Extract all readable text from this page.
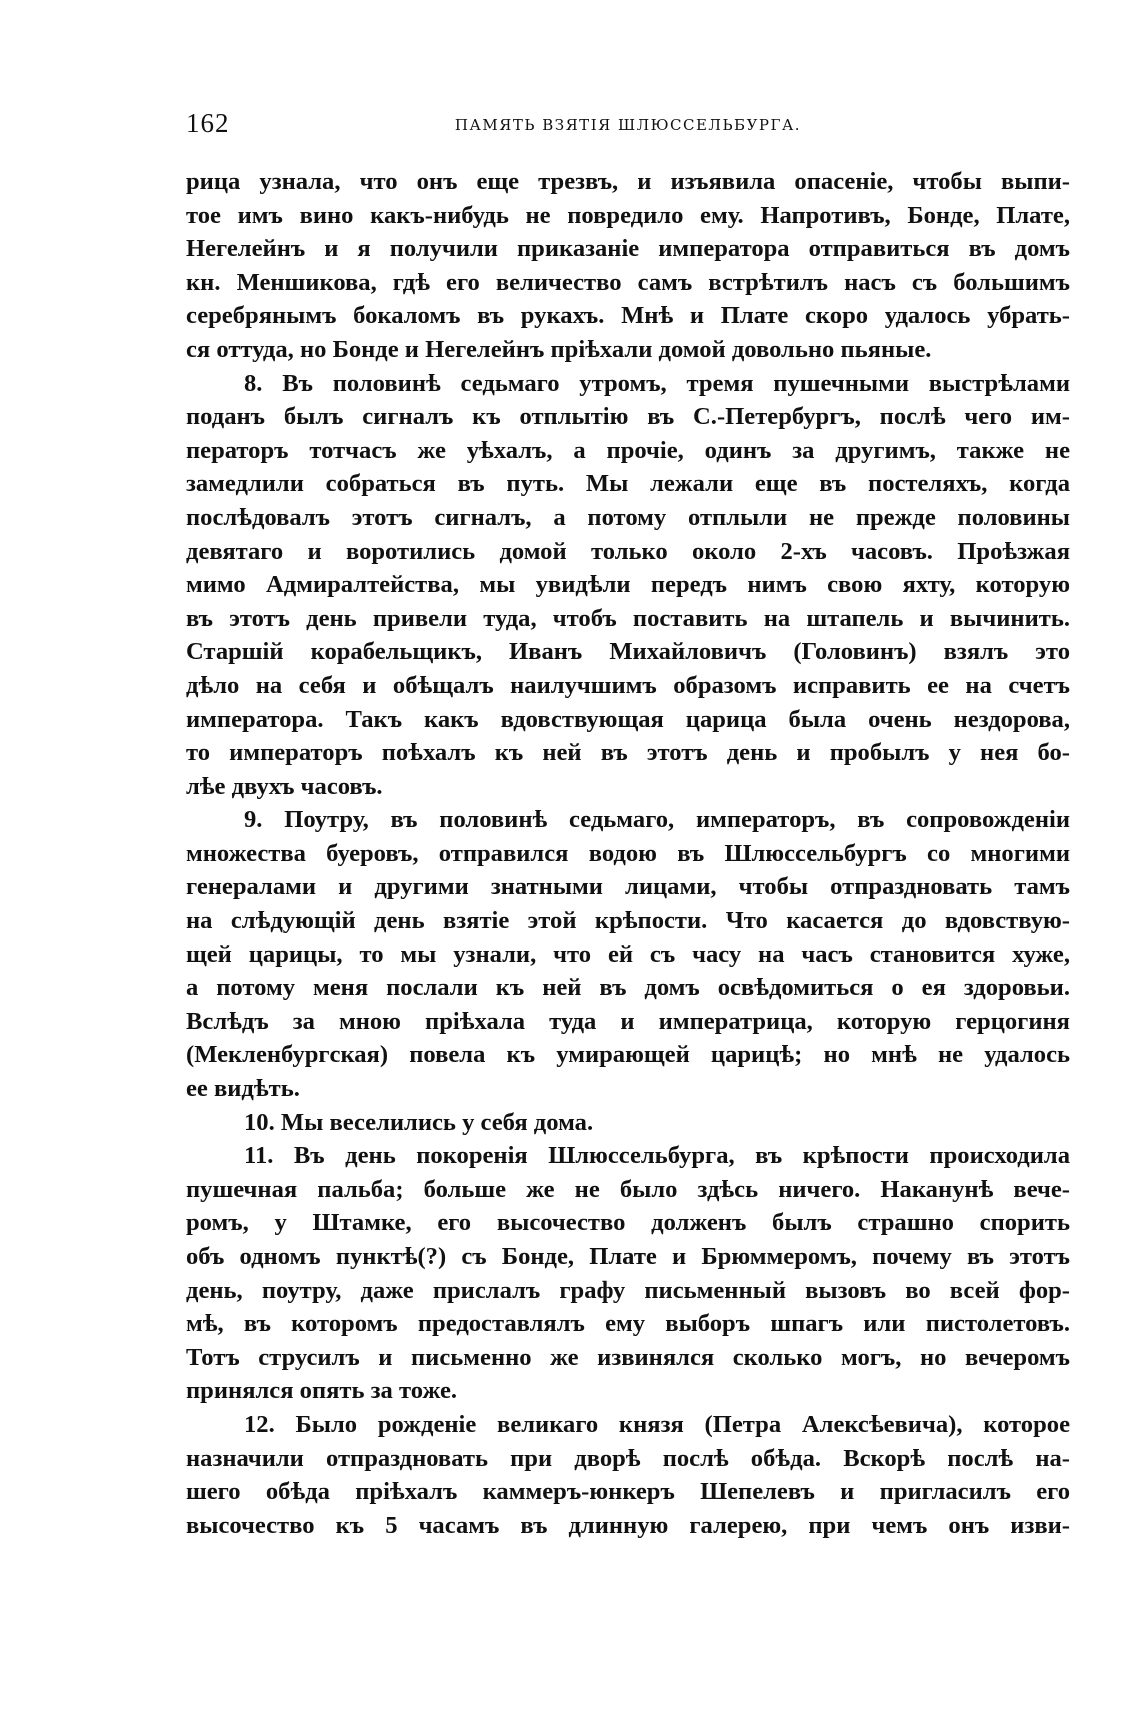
162	ПАМЯТЬ ВЗЯТІЯ ШЛЮССЕЛЬБУРГА.
рица узнала, что онъ еще трезвъ, и изъявила опасеніе, чтобы выпи-
тое имъ вино какъ-нибудь не повредило ему. Напротивъ, Бонде, Плате,
Негелейнъ и я получили приказаніе императора отправиться въ домъ
кн. Меншикова, гдѣ его величество самъ встрѣтилъ насъ съ большимъ
серебрянымъ бокаломъ въ рукахъ. Мнѣ и Плате скоро удалось убрать-
ся оттуда, но Бонде и Негелейнъ пріѣхали домой довольно пьяные.
8. Въ половинѣ седьмаго утромъ, тремя пушечными выстрѣлами
поданъ былъ сигналъ къ отплытію въ С.-Петербургъ, послѣ чего им-
ператоръ тотчасъ же уѣхалъ, а прочіе, одинъ за другимъ, также не
замедлили собраться въ путь. Мы лежали еще въ постеляхъ, когда
послѣдовалъ этотъ сигналъ, а потому отплыли не прежде половины
девятаго и воротились домой только около 2-хъ часовъ. Проѣзжая
мимо Адмиралтейства, мы увидѣли передъ нимъ свою яхту, которую
въ этотъ день привели туда, чтобъ поставить на штапель и вычинить.
Старшій корабельщикъ, Иванъ Михайловичъ (Головинъ) взялъ это
дѣло на себя и обѣщалъ наилучшимъ образомъ исправить ее на счетъ
императора. Такъ какъ вдовствующая царица была очень нездорова,
то императоръ поѣхалъ къ ней въ этотъ день и пробылъ у нея бо-
лѣе двухъ часовъ.
9. Поутру, въ половинѣ седьмаго, императоръ, въ сопровожденіи
множества буеровъ, отправился водою въ Шлюссельбургъ со многими
генералами и другими знатными лицами, чтобы отпраздновать тамъ
на слѣдующій день взятіе этой крѣпости. Что касается до вдовствую-
щей царицы, то мы узнали, что ей съ часу на часъ становится хуже,
а потому меня послали къ ней въ домъ освѣдомиться о ея здоровьи.
Вслѣдъ за мною пріѣхала туда и императрица, которую герцогиня
(Мекленбургская) повела къ умирающей царицѣ; но мнѣ не удалось
ее видѣть.
10. Мы веселились у себя дома.
11. Въ день покоренія Шлюссельбурга, въ крѣпости происходила
пушечная пальба; больше же не было здѣсь ничего. Наканунѣ вече-
ромъ, у Штамке, его высочество долженъ былъ страшно спорить
объ одномъ пунктѣ(?) съ Бонде, Плате и Брюммеромъ, почему въ этотъ
день, поутру, даже прислалъ графу письменный вызовъ во всей фор-
мѣ, въ которомъ предоставлялъ ему выборъ шпагъ или пистолетовъ.
Тотъ струсилъ и письменно же извинялся сколько могъ, но вечеромъ
принялся опять за тоже.
12. Было рожденіе великаго князя (Петра Алексѣевича), которое
назначили отпраздновать при дворѣ послѣ обѣда. Вскорѣ послѣ на-
шего обѣда пріѣхалъ каммеръ-юнкеръ Шепелевъ и пригласилъ его
высочество къ 5 часамъ въ длинную галерею, при чемъ онъ изви-
